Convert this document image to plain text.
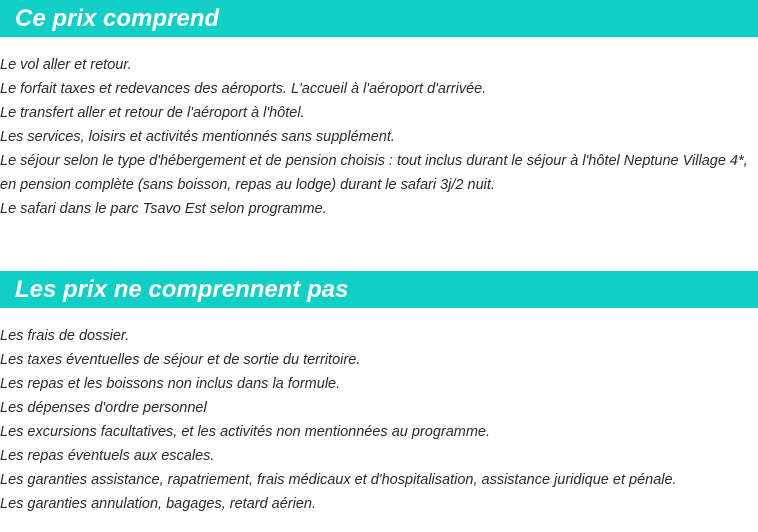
Ce prix comprend
Le vol aller et retour.
Le forfait taxes et redevances des aéroports. L'accueil à l'aéroport d'arrivée.
Le transfert aller et retour de l'aéroport à l'hôtel.
Les services, loisirs et activités mentionnés sans supplément.
Le séjour selon le type d'hébergement et de pension choisis : tout inclus durant le séjour à l'hôtel Neptune Village 4*, en pension complète (sans boisson, repas au lodge) durant le safari 3j/2 nuit.
Le safari dans le parc Tsavo Est selon programme.
Les prix ne comprennent pas
Les frais de dossier.
Les taxes éventuelles de séjour et de sortie du territoire.
Les repas et les boissons non inclus dans la formule.
Les dépenses d'ordre personnel
Les excursions facultatives, et les activités non mentionnées au programme.
Les repas éventuels aux escales.
Les garanties assistance, rapatriement, frais médicaux et d'hospitalisation, assistance juridique et pénale.
Les garanties annulation, bagages, retard aérien.
